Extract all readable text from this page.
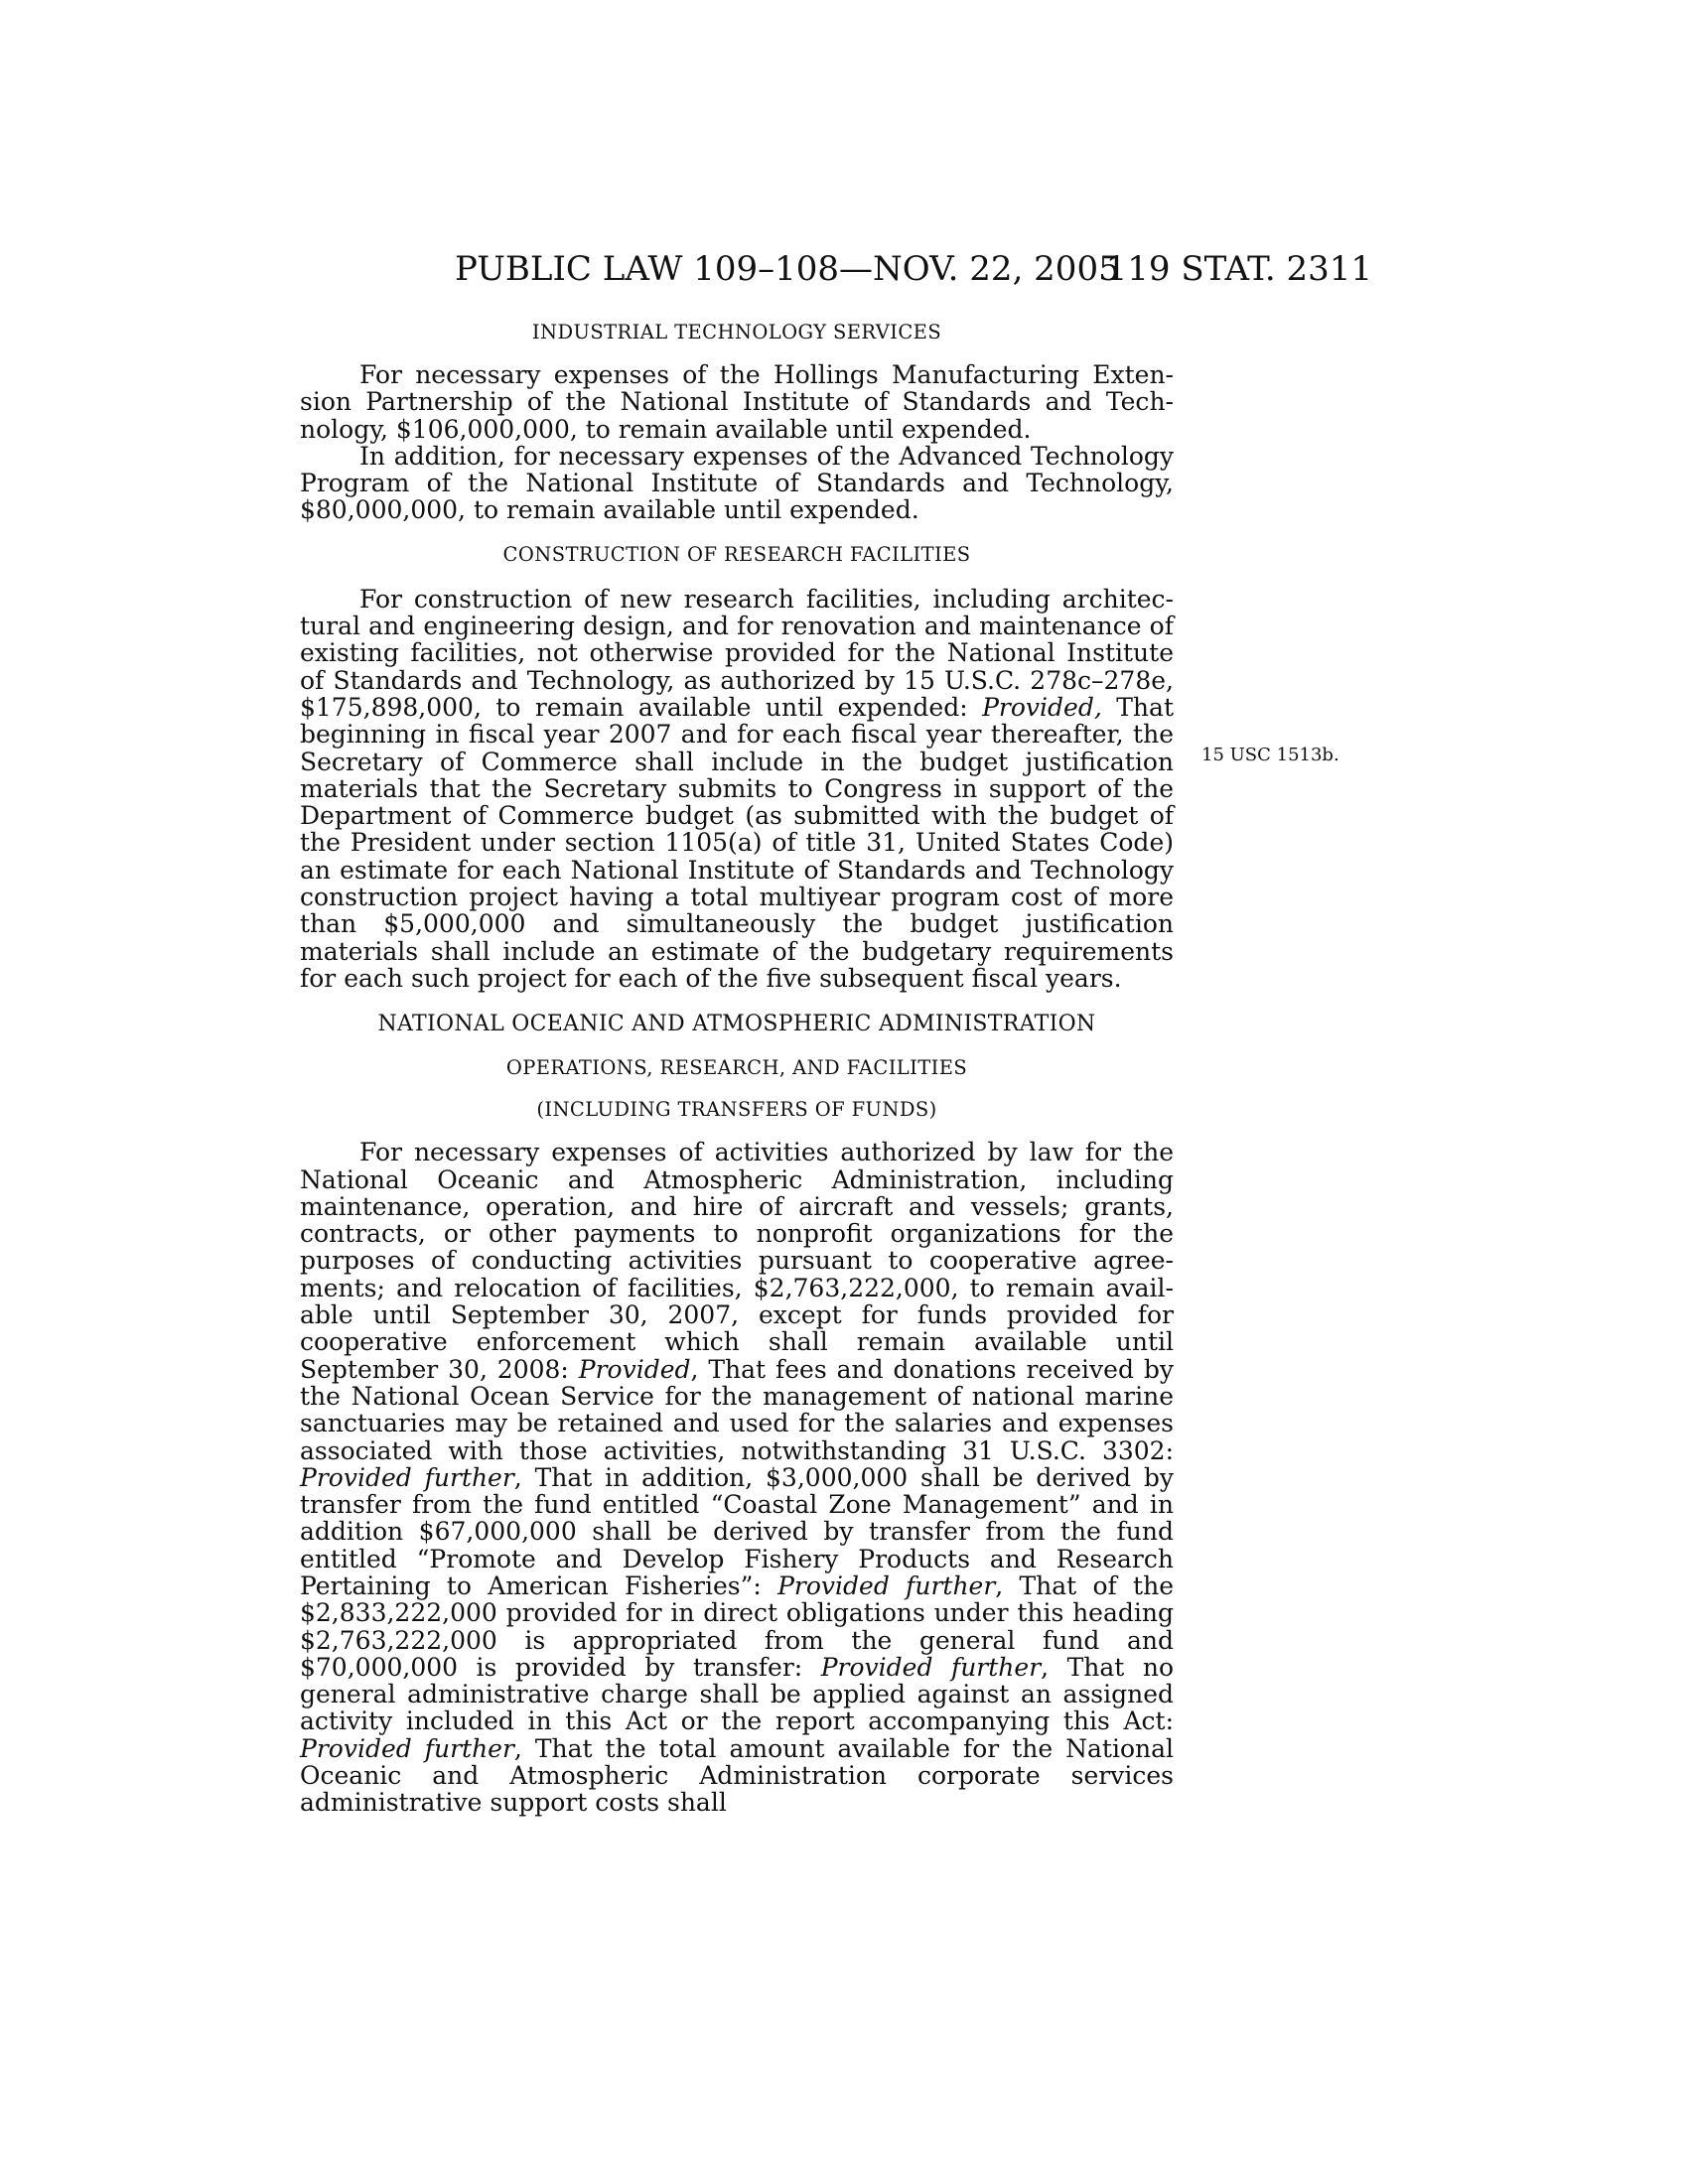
PUBLIC LAW 109–108—NOV. 22, 2005
119 STAT. 2311
15 USC 1513b.

INDUSTRIAL TECHNOLOGY SERVICES

For necessary expenses of the Hollings Manufacturing Extension Partnership of the National Institute of Standards and Technology, $106,000,000, to remain available until expended.

In addition, for necessary expenses of the Advanced Technology Program of the National Institute of Standards and Technology, $80,000,000, to remain available until expended.

CONSTRUCTION OF RESEARCH FACILITIES

For construction of new research facilities, including architectural and engineering design, and for renovation and maintenance of existing facilities, not otherwise provided for the National Institute of Standards and Technology, as authorized by 15 U.S.C. 278c–278e, $175,898,000, to remain available until expended: Provided, That beginning in fiscal year 2007 and for each fiscal year thereafter, the Secretary of Commerce shall include in the budget justification materials that the Secretary submits to Congress in support of the Department of Commerce budget (as submitted with the budget of the President under section 1105(a) of title 31, United States Code) an estimate for each National Institute of Standards and Technology construction project having a total multiyear program cost of more than $5,000,000 and simultaneously the budget justification materials shall include an estimate of the budgetary requirements for each such project for each of the five subsequent fiscal years.

NATIONAL OCEANIC AND ATMOSPHERIC ADMINISTRATION

OPERATIONS, RESEARCH, AND FACILITIES

(INCLUDING TRANSFERS OF FUNDS)

For necessary expenses of activities authorized by law for the National Oceanic and Atmospheric Administration, including maintenance, operation, and hire of aircraft and vessels; grants, contracts, or other payments to nonprofit organizations for the purposes of conducting activities pursuant to cooperative agreements; and relocation of facilities, $2,763,222,000, to remain available until September 30, 2007, except for funds provided for cooperative enforcement which shall remain available until September 30, 2008: Provided, That fees and donations received by the National Ocean Service for the management of national marine sanctuaries may be retained and used for the salaries and expenses associated with those activities, notwithstanding 31 U.S.C. 3302: Provided further, That in addition, $3,000,000 shall be derived by transfer from the fund entitled “Coastal Zone Management” and in addition $67,000,000 shall be derived by transfer from the fund entitled “Promote and Develop Fishery Products and Research Pertaining to American Fisheries”: Provided further, That of the $2,833,222,000 provided for in direct obligations under this heading $2,763,222,000 is appropriated from the general fund and $70,000,000 is provided by transfer: Provided further, That no general administrative charge shall be applied against an assigned activity included in this Act or the report accompanying this Act: Provided further, That the total amount available for the National Oceanic and Atmospheric Administration corporate services administrative support costs shall
